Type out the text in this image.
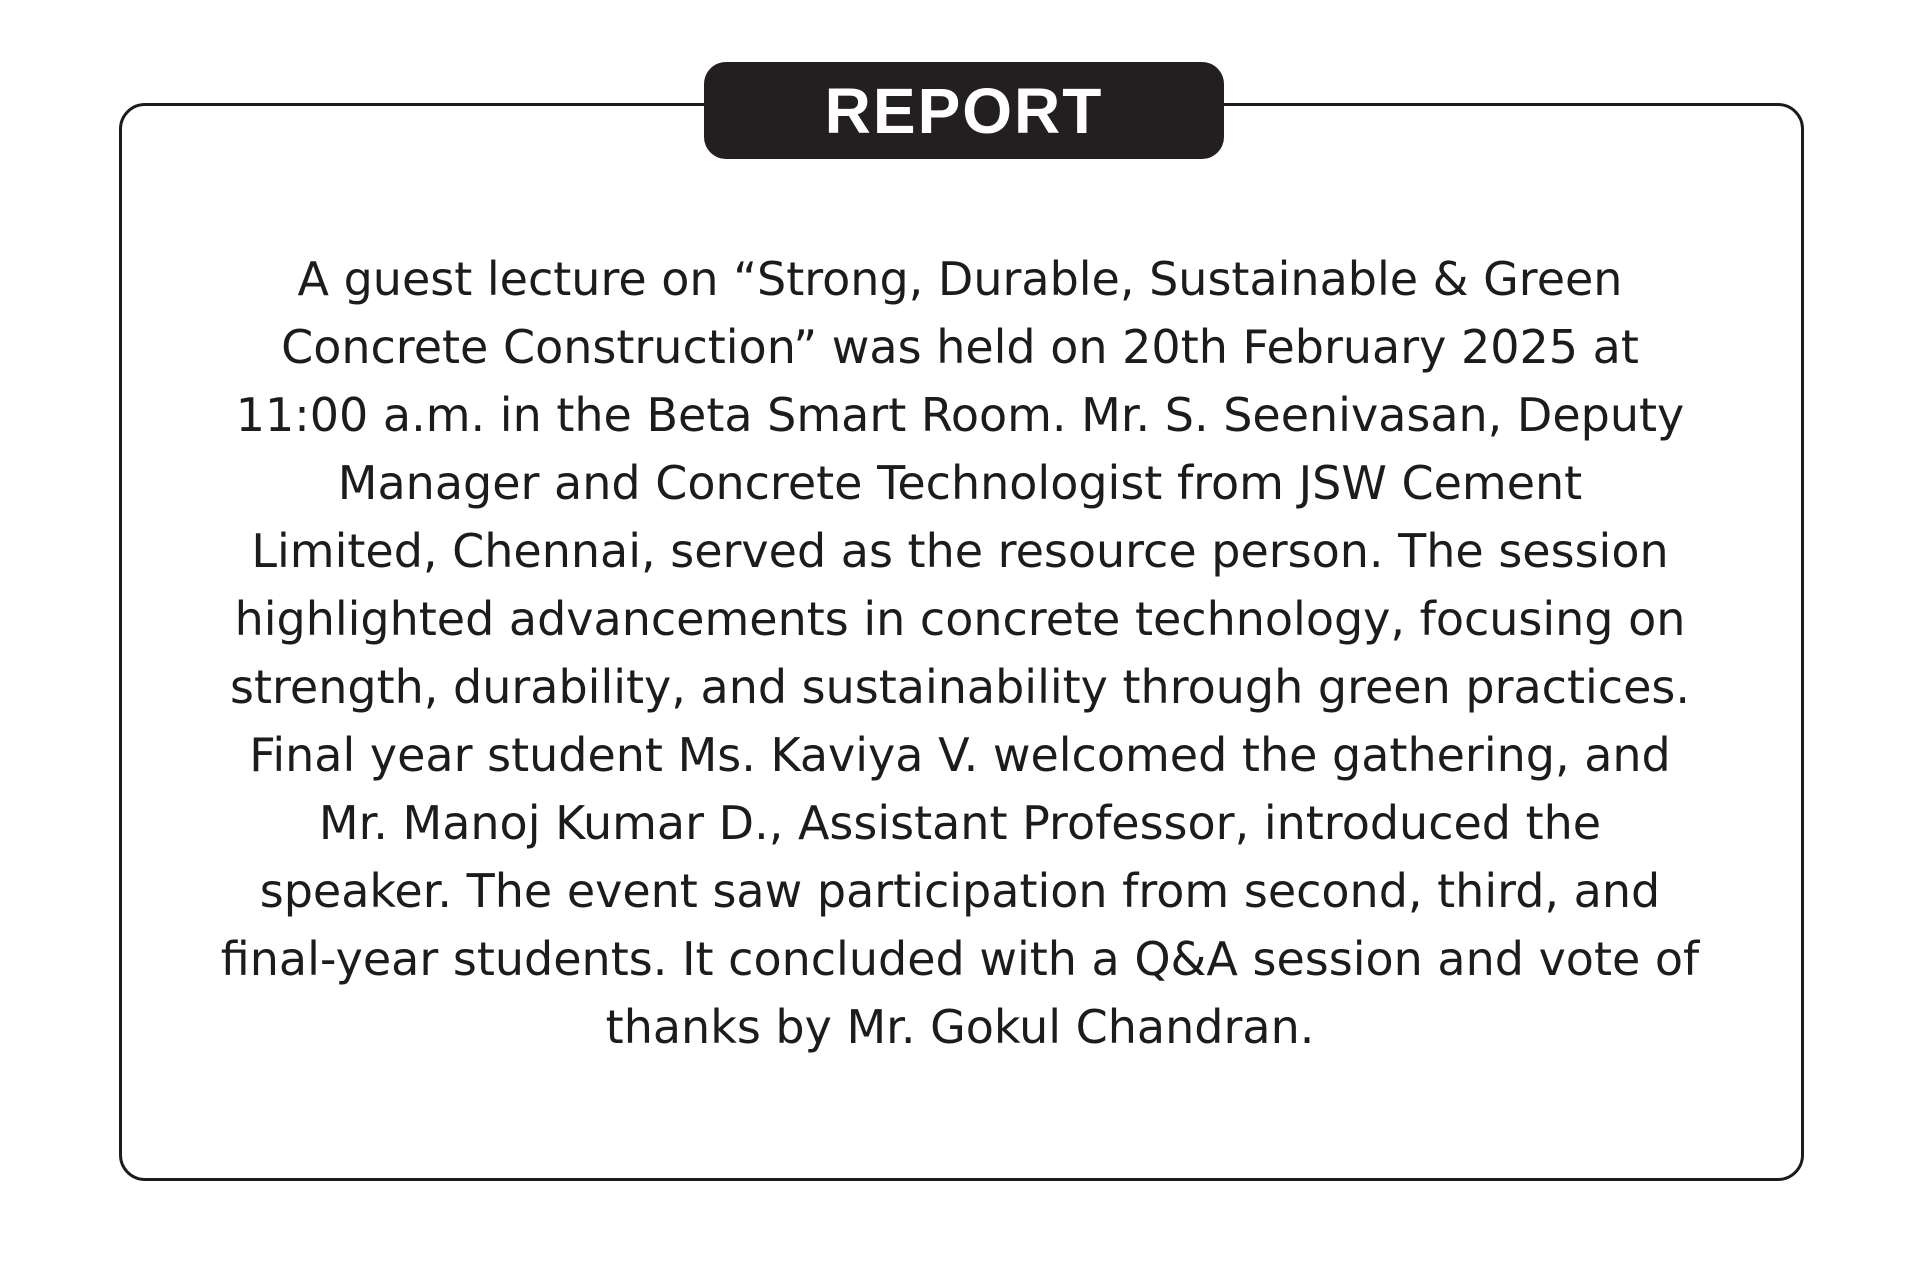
REPORT
A guest lecture on “Strong, Durable, Sustainable & Green
Concrete Construction” was held on 20th February 2025 at
11:00 a.m. in the Beta Smart Room. Mr. S. Seenivasan, Deputy
Manager and Concrete Technologist from JSW Cement
Limited, Chennai, served as the resource person. The session
highlighted advancements in concrete technology, focusing on
strength, durability, and sustainability through green practices.
Final year student Ms. Kaviya V. welcomed the gathering, and
Mr. Manoj Kumar D., Assistant Professor, introduced the
speaker. The event saw participation from second, third, and
final-year students. It concluded with a Q&A session and vote of
thanks by Mr. Gokul Chandran.
